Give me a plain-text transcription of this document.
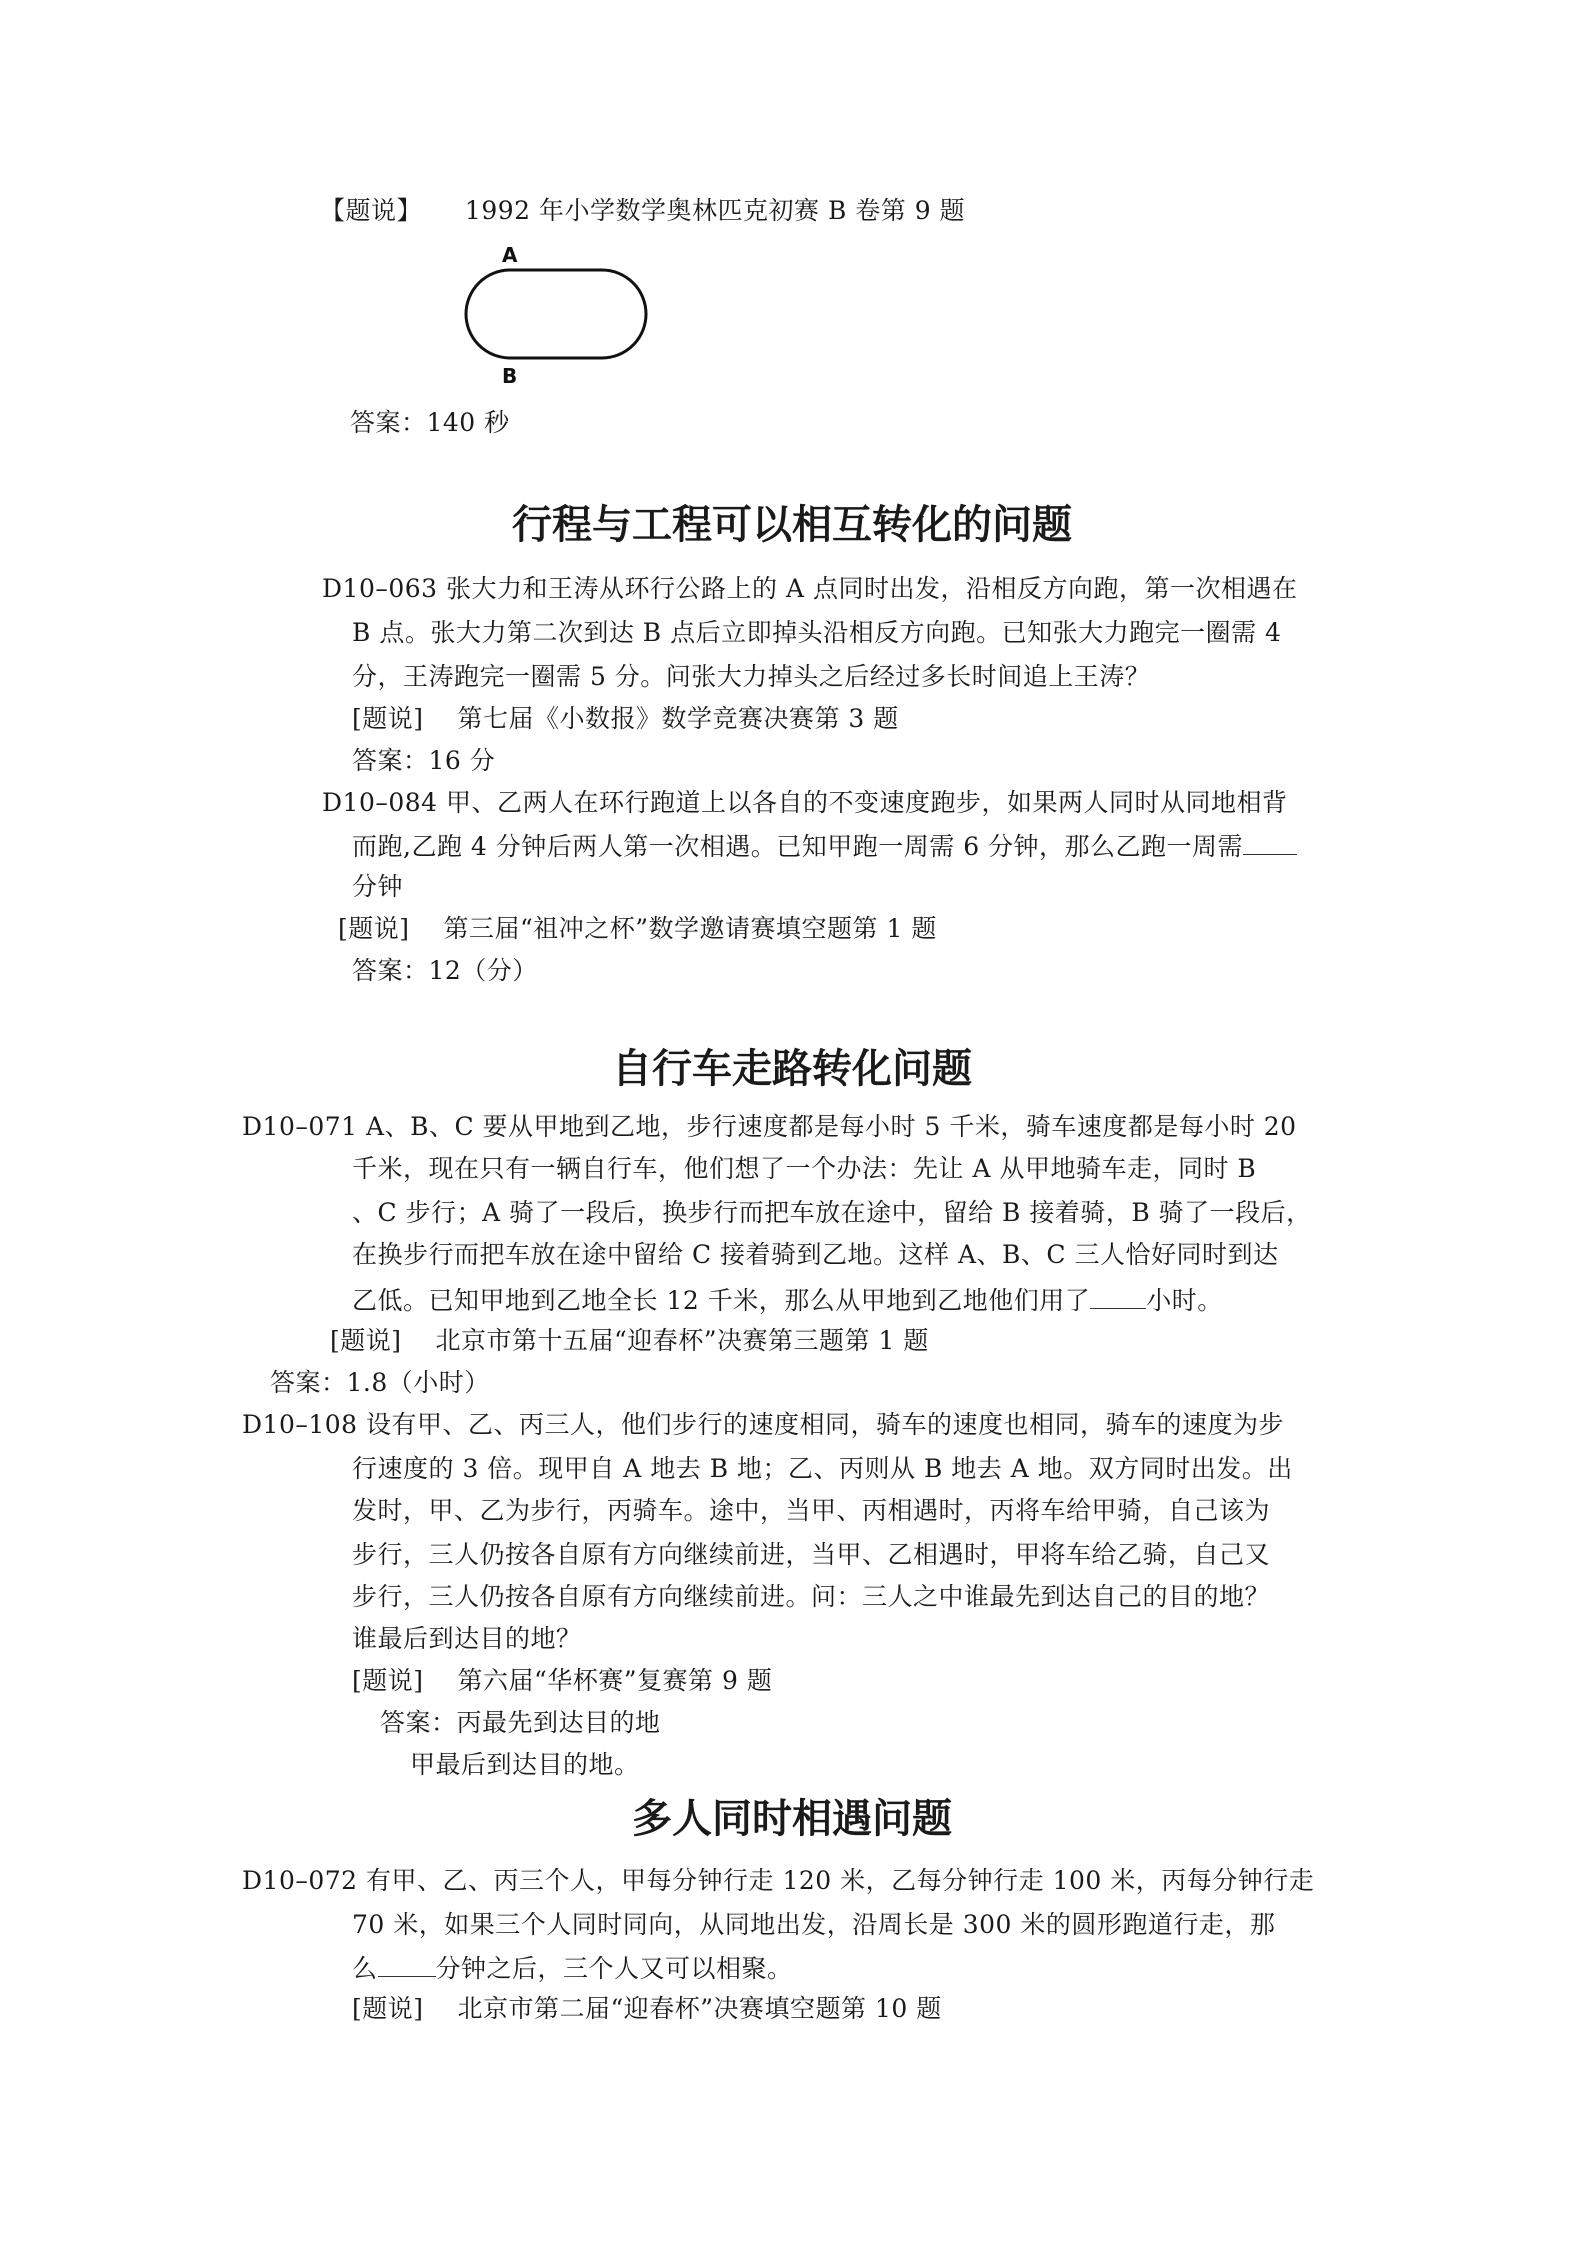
【题说】 1992 年小学数学奥林匹克初赛 B 卷第 9 题
A
B
答案：140 秒
行程与工程可以相互转化的问题
D10–063 张大力和王涛从环行公路上的 A 点同时出发，沿相反方向跑，第一次相遇在
B 点。张大力第二次到达 B 点后立即掉头沿相反方向跑。已知张大力跑完一圈需 4
分，王涛跑完一圈需 5 分。问张大力掉头之后经过多长时间追上王涛？
[题说]　 第七届《小数报》数学竞赛决赛第 3 题
答案：16 分
D10–084 甲、乙两人在环行跑道上以各自的不变速度跑步，如果两人同时从同地相背
而跑,乙跑 4 分钟后两人第一次相遇。已知甲跑一周需 6 分钟，那么乙跑一周需
分钟
[题说]　 第三届“祖冲之杯”数学邀请赛填空题第 1 题
答案：12（分）
自行车走路转化问题
D10–071 A、B、C 要从甲地到乙地，步行速度都是每小时 5 千米，骑车速度都是每小时 20
千米，现在只有一辆自行车，他们想了一个办法：先让 A 从甲地骑车走，同时 B
、C 步行；A 骑了一段后，换步行而把车放在途中，留给 B 接着骑，B 骑了一段后，
在换步行而把车放在途中留给 C 接着骑到乙地。这样 A、B、C 三人恰好同时到达
乙低。已知甲地到乙地全长 12 千米，那么从甲地到乙地他们用了 小时。
[题说]　 北京市第十五届“迎春杯”决赛第三题第 1 题
答案：1.8（小时）
D10–108 设有甲、乙、丙三人，他们步行的速度相同，骑车的速度也相同，骑车的速度为步
行速度的 3 倍。现甲自 A 地去 B 地；乙、丙则从 B 地去 A 地。双方同时出发。出
发时，甲、乙为步行，丙骑车。途中，当甲、丙相遇时，丙将车给甲骑，自己该为
步行，三人仍按各自原有方向继续前进，当甲、乙相遇时，甲将车给乙骑，自己又
步行，三人仍按各自原有方向继续前进。问：三人之中谁最先到达自己的目的地？
谁最后到达目的地？
[题说]　 第六届“华杯赛”复赛第 9 题
答案：丙最先到达目的地
甲最后到达目的地。
多人同时相遇问题
D10–072 有甲、乙、丙三个人，甲每分钟行走 120 米，乙每分钟行走 100 米，丙每分钟行走
70 米，如果三个人同时同向，从同地出发，沿周长是 300 米的圆形跑道行走，那
么 分钟之后，三个人又可以相聚。
[题说]　 北京市第二届“迎春杯”决赛填空题第 10 题
